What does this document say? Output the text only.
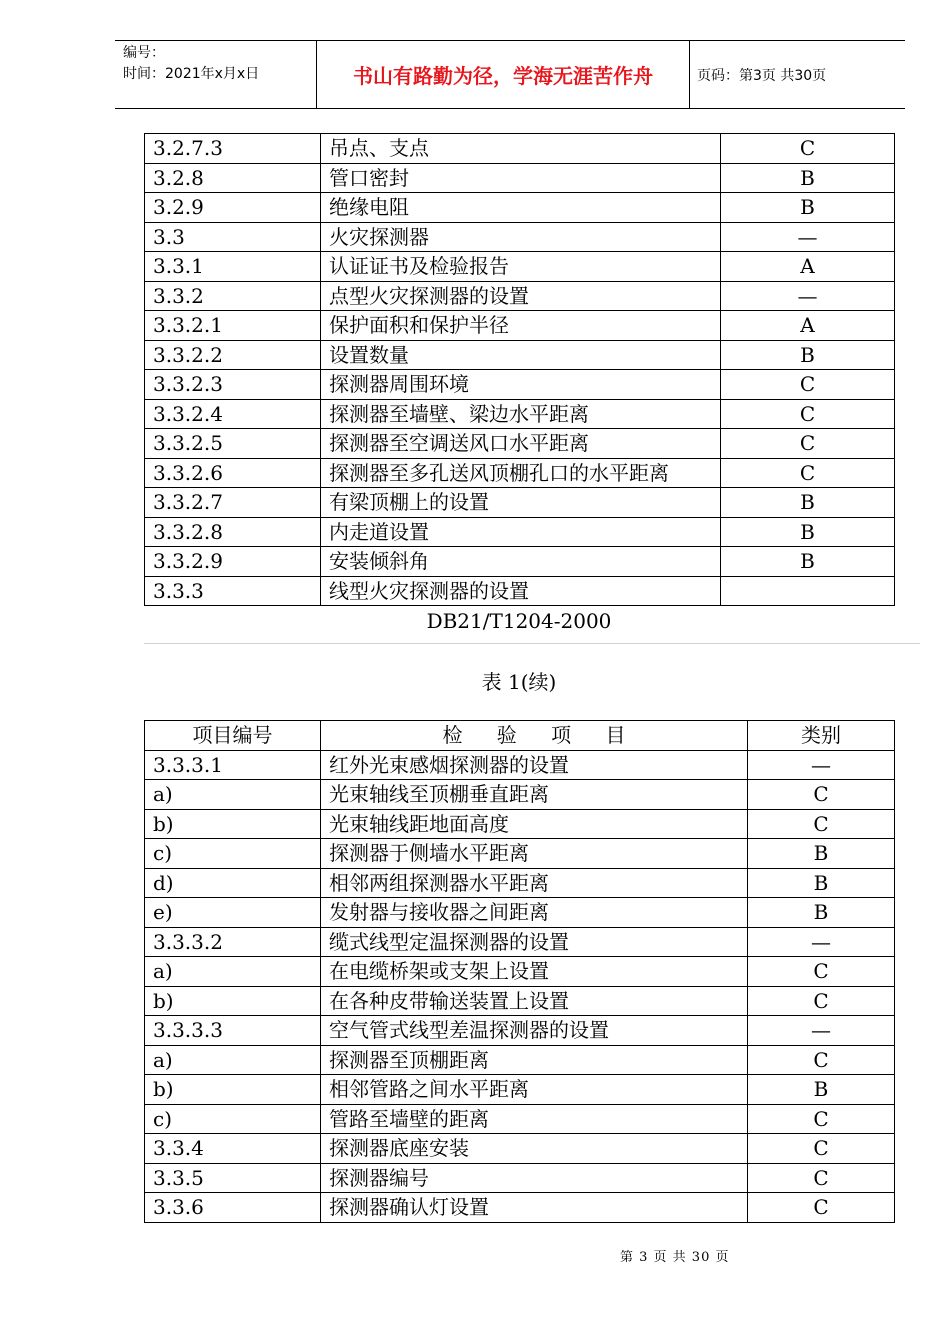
编号：
时间：2021年x月x日	书山有路勤为径，学海无涯苦作舟	页码：第3页 共30页
3.2.7.3	吊点、支点	C
3.2.8	管口密封	B
3.2.9	绝缘电阻	B
3.3	火灾探测器	—
3.3.1	认证证书及检验报告	A
3.3.2	点型火灾探测器的设置	—
3.3.2.1	保护面积和保护半径	A
3.3.2.2	设置数量	B
3.3.2.3	探测器周围环境	C
3.3.2.4	探测器至墙壁、梁边水平距离	C
3.3.2.5	探测器至空调送风口水平距离	C
3.3.2.6	探测器至多孔送风顶棚孔口的水平距离	C
3.3.2.7	有梁顶棚上的设置	B
3.3.2.8	内走道设置	B
3.3.2.9	安装倾斜角	B
3.3.3	线型火灾探测器的设置	
DB21/T1204-2000
表 1(续)
项目编号	检 验 项 目	类别
3.3.3.1	红外光束感烟探测器的设置	—
a)	光束轴线至顶棚垂直距离	C
b)	光束轴线距地面高度	C
c)	探测器于侧墙水平距离	B
d)	相邻两组探测器水平距离	B
e)	发射器与接收器之间距离	B
3.3.3.2	缆式线型定温探测器的设置	—
a)	在电缆桥架或支架上设置	C
b)	在各种皮带输送装置上设置	C
3.3.3.3	空气管式线型差温探测器的设置	—
a)	探测器至顶棚距离	C
b)	相邻管路之间水平距离	B
c)	管路至墙壁的距离	C
3.3.4	探测器底座安装	C
3.3.5	探测器编号	C
3.3.6	探测器确认灯设置	C
第 3 页 共 30 页
